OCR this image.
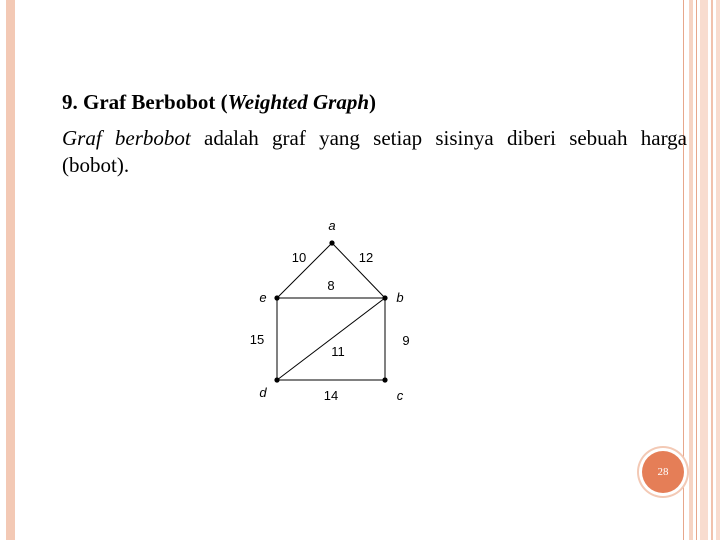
9. Graf Berbobot (Weighted Graph)

Graf berbobot adalah graf yang setiap sisinya diberi sebuah harga
(bobot).

10	12
8
15
11
9
14
a
b
c
d
e
28
